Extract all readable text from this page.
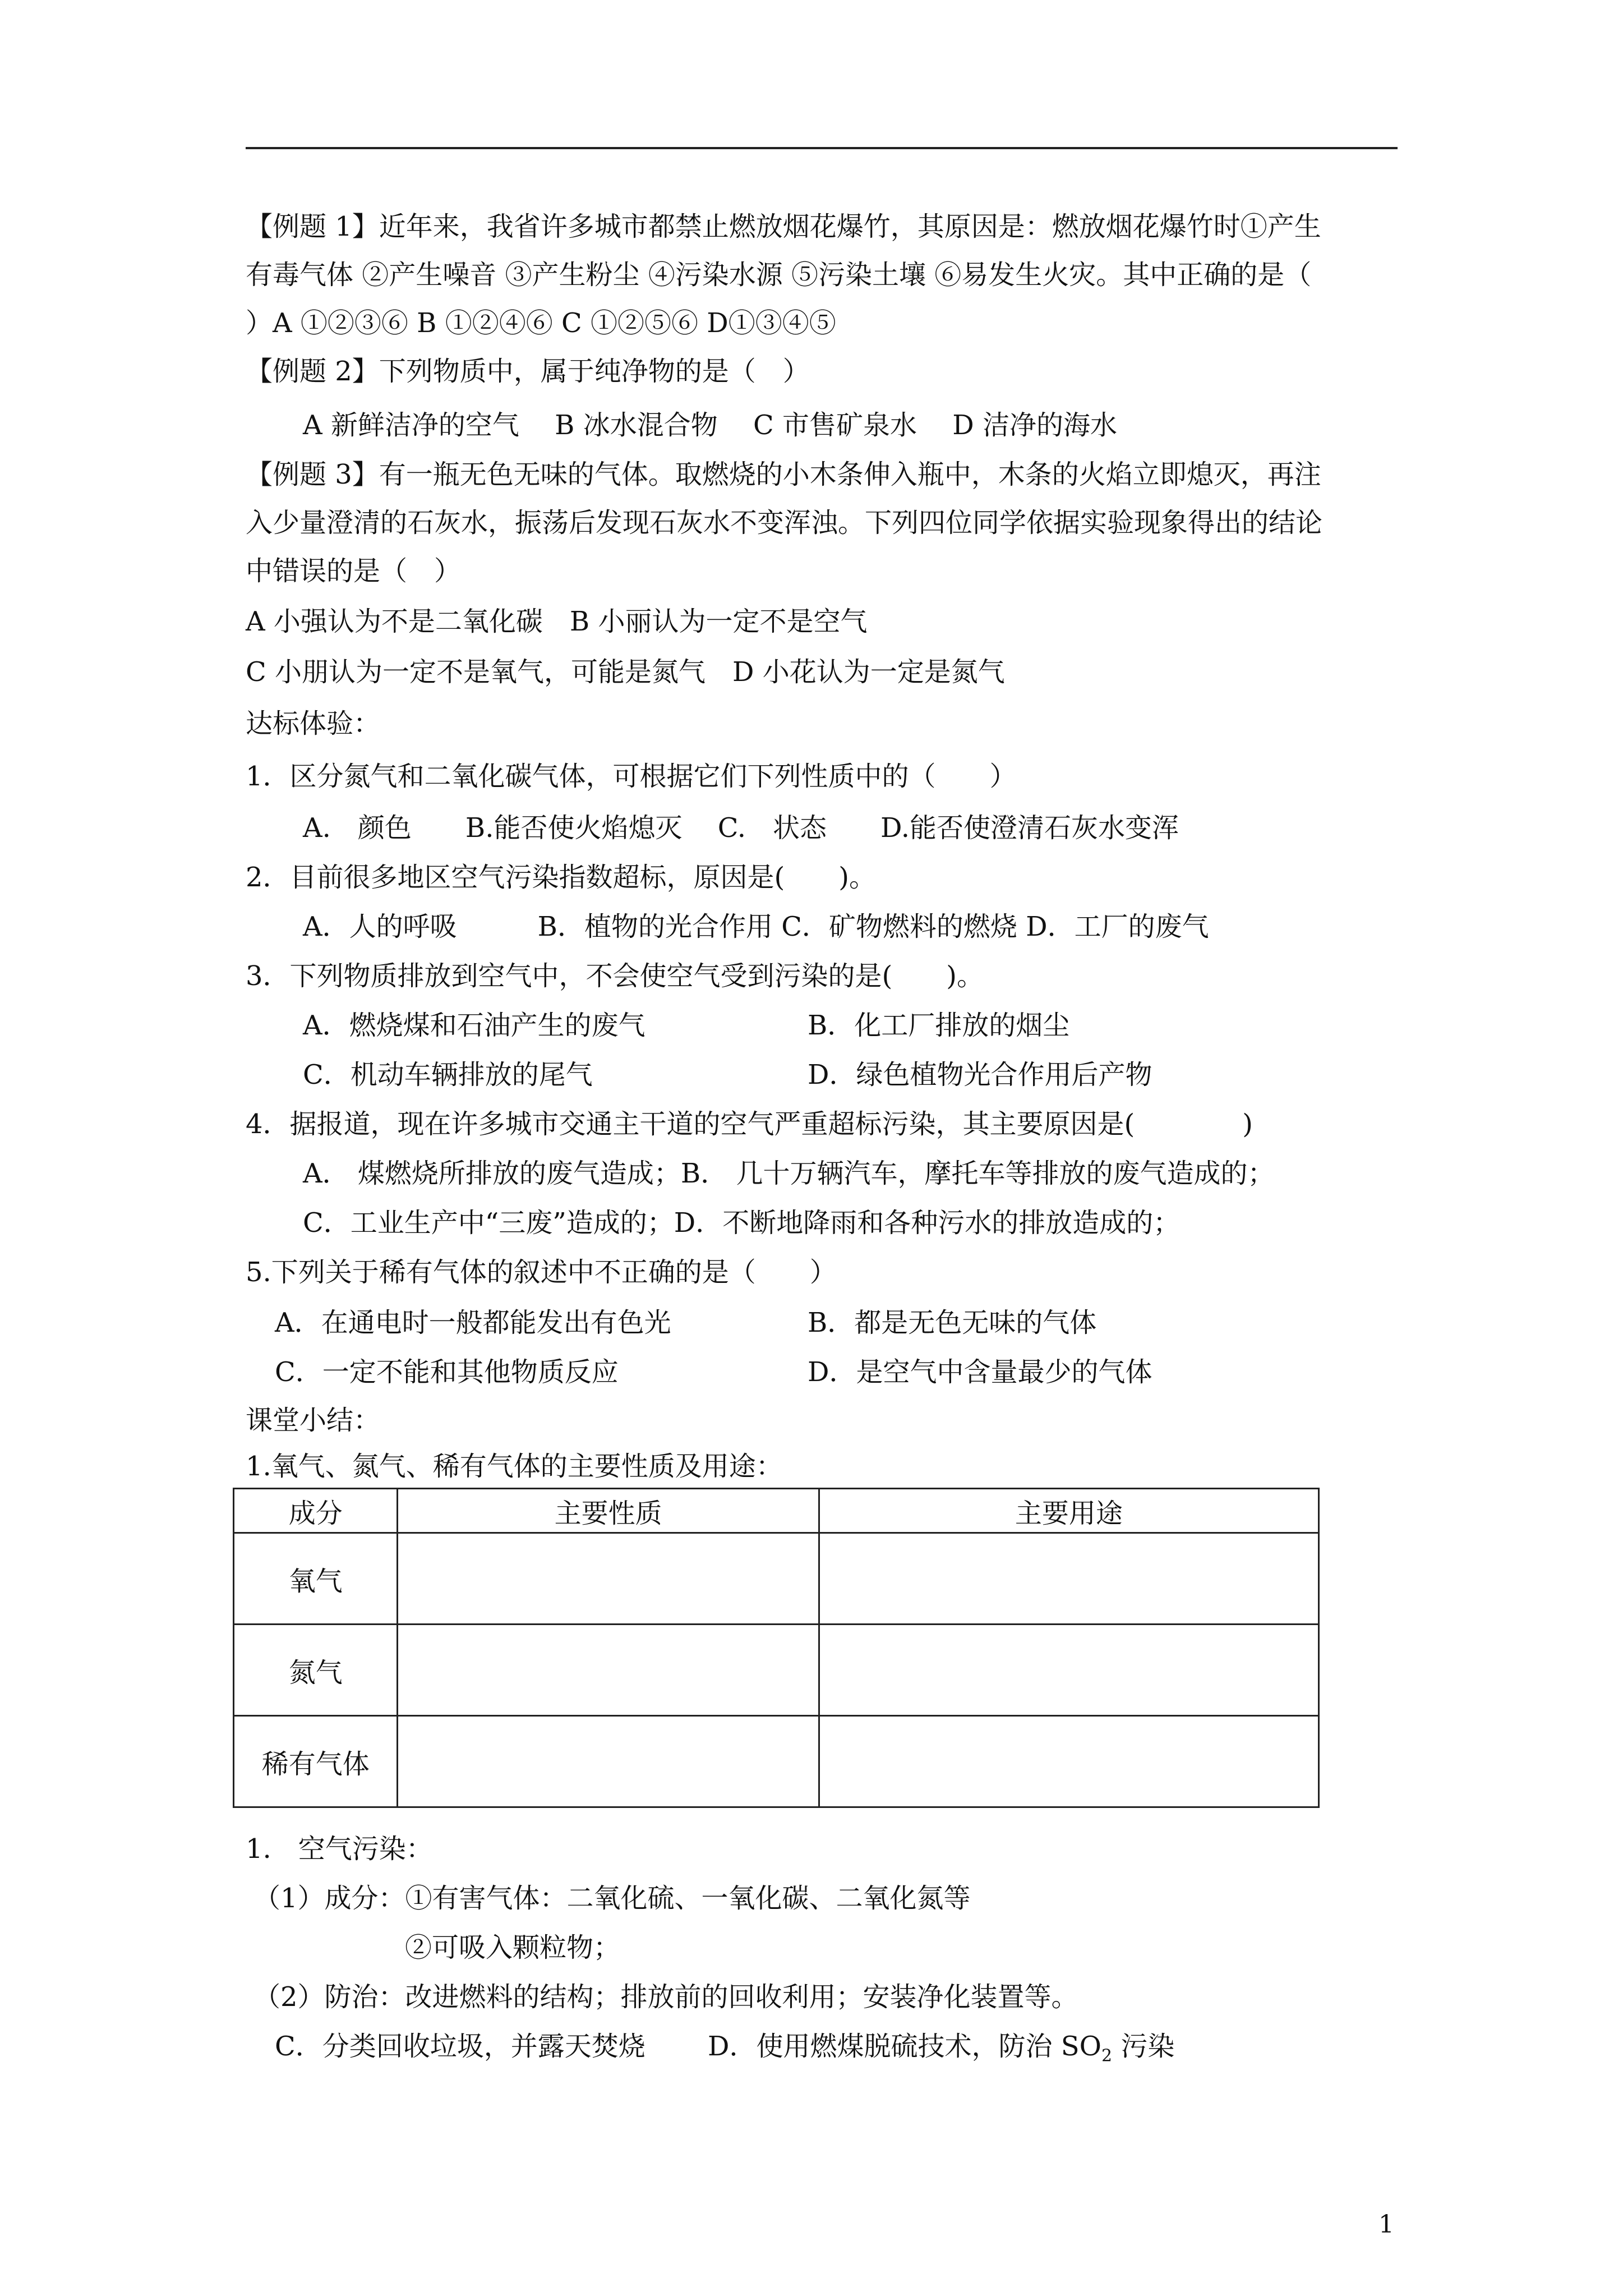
【例题 1】近年来，我省许多城市都禁止燃放烟花爆竹，其原因是：燃放烟花爆竹时①产生
有毒气体 ②产生噪音 ③产生粉尘 ④污染水源 ⑤污染土壤 ⑥易发生火灾。其中正确的是（
）A ①②③⑥ B ①②④⑥ C ①②⑤⑥ D①③④⑤
【例题 2】下列物质中，属于纯净物的是（　）
A 新鲜洁净的空气　 B 冰水混合物　 C 市售矿泉水　 D 洁净的海水
【例题 3】有一瓶无色无味的气体。取燃烧的小木条伸入瓶中，木条的火焰立即熄灭，再注
入少量澄清的石灰水，振荡后发现石灰水不变浑浊。下列四位同学依据实验现象得出的结论
中错误的是（　）
A 小强认为不是二氧化碳　B 小丽认为一定不是空气
C 小朋认为一定不是氧气，可能是氮气　D 小花认为一定是氮气
达标体验：
1．区分氮气和二氧化碳气体，可根据它们下列性质中的（　　）
A.　颜色　　B.能否使火焰熄灭　 C.　状态　　D.能否使澄清石灰水变浑
2．目前很多地区空气污染指数超标，原因是(　　)。
A．人的呼吸　　　B．植物的光合作用 C．矿物燃料的燃烧 D．工厂的废气
3．下列物质排放到空气中，不会使空气受到污染的是(　　)。
A．燃烧煤和石油产生的废气	B．化工厂排放的烟尘
C．机动车辆排放的尾气	D．绿色植物光合作用后产物
4．据报道，现在许多城市交通主干道的空气严重超标污染，其主要原因是(　　　　)
A． 煤燃烧所排放的废气造成；B． 几十万辆汽车，摩托车等排放的废气造成的；
C．工业生产中“三废”造成的；D．不断地降雨和各种污水的排放造成的；
5.下列关于稀有气体的叙述中不正确的是（　　）
A．在通电时一般都能发出有色光	B．都是无色无味的气体
C．一定不能和其他物质反应	D．是空气中含量最少的气体
课堂小结：
1.氧气、氮气、稀有气体的主要性质及用途：
成分	主要性质	主要用途
氧气		
氮气		
稀有气体		
1.　空气污染：
（1）成分：①有害气体：二氧化硫、一氧化碳、二氧化氮等
②可吸入颗粒物；
（2）防治：改进燃料的结构；排放前的回收利用；安装净化装置等。
C．分类回收垃圾，并露天焚烧 D．使用燃煤脱硫技术，防治 $SO_2$ 污染
1
